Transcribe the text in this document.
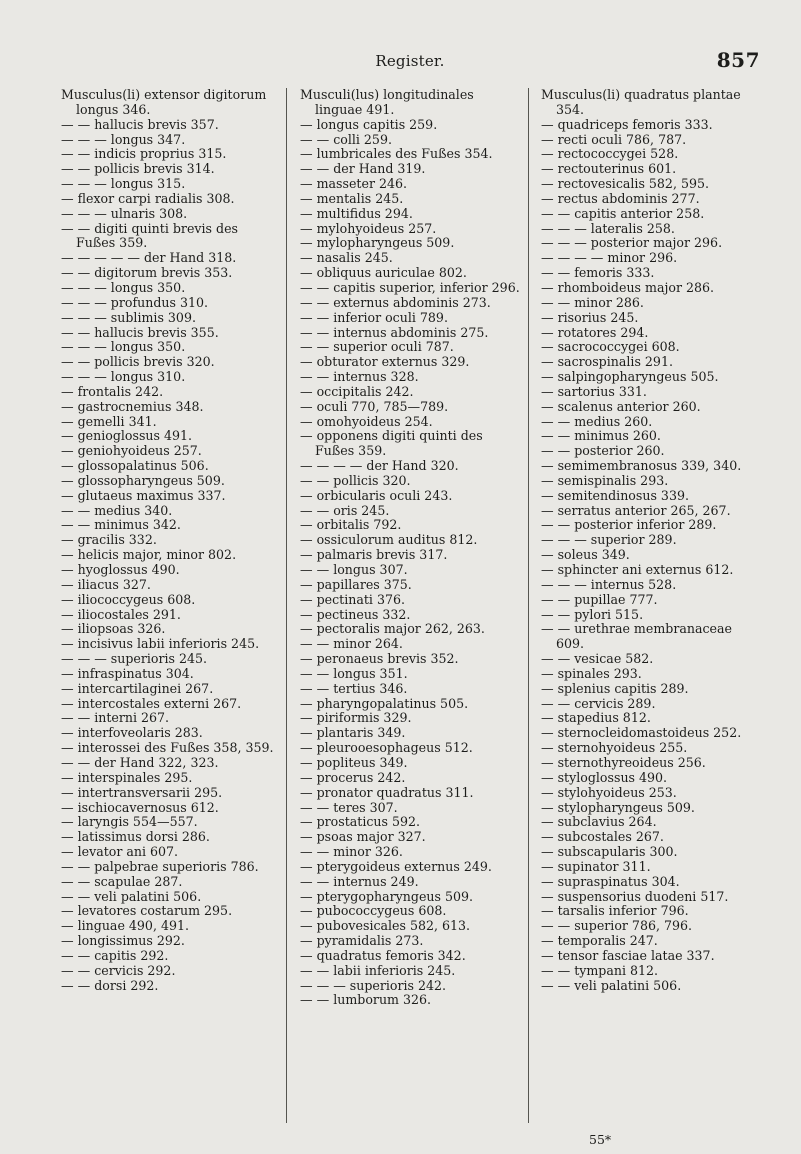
Register.	857
Musculus(li) extensor digitorum longus 346.
— — hallucis brevis 357.
— — — longus 347.
— — indicis proprius 315.
— — pollicis brevis 314.
— — — longus 315.
— flexor carpi radialis 308.
— — — ulnaris 308.
— — digiti quinti brevis des Fußes 359.
— — — — — der Hand 318.
— — digitorum brevis 353.
— — — longus 350.
— — — profundus 310.
— — — sublimis 309.
— — hallucis brevis 355.
— — — longus 350.
— — pollicis brevis 320.
— — — longus 310.
— frontalis 242.
— gastrocnemius 348.
— gemelli 341.
— genioglossus 491.
— geniohyoideus 257.
— glossopalatinus 506.
— glossopharyngeus 509.
— glutaeus maximus 337.
— — medius 340.
— — minimus 342.
— gracilis 332.
— helicis major, minor 802.
— hyoglossus 490.
— iliacus 327.
— iliococcygeus 608.
— iliocostales 291.
— iliopsoas 326.
— incisivus labii inferioris 245.
— — — superioris 245.
— infraspinatus 304.
— intercartilaginei 267.
— intercostales externi 267.
— — interni 267.
— interfoveolaris 283.
— interossei des Fußes 358, 359.
— — der Hand 322, 323.
— interspinales 295.
— intertransversarii 295.
— ischiocavernosus 612.
— laryngis 554—557.
— latissimus dorsi 286.
— levator ani 607.
— — palpebrae superioris 786.
— — scapulae 287.
— — veli palatini 506.
— levatores costarum 295.
— linguae 490, 491.
— longissimus 292.
— — capitis 292.
— — cervicis 292.
— — dorsi 292.
Musculi(lus) longitudinales linguae 491.
— longus capitis 259.
— — colli 259.
— lumbricales des Fußes 354.
— — der Hand 319.
— masseter 246.
— mentalis 245.
— multifidus 294.
— mylohyoideus 257.
— mylopharyngeus 509.
— nasalis 245.
— obliquus auriculae 802.
— — capitis superior, inferior 296.
— — externus abdominis 273.
— — inferior oculi 789.
— — internus abdominis 275.
— — superior oculi 787.
— obturator externus 329.
— — internus 328.
— occipitalis 242.
— oculi 770, 785—789.
— omohyoideus 254.
— opponens digiti quinti des Fußes 359.
— — — — der Hand 320.
— — pollicis 320.
— orbicularis oculi 243.
— — oris 245.
— orbitalis 792.
— ossiculorum auditus 812.
— palmaris brevis 317.
— — longus 307.
— papillares 375.
— pectinati 376.
— pectineus 332.
— pectoralis major 262, 263.
— — minor 264.
— peronaeus brevis 352.
— — longus 351.
— — tertius 346.
— pharyngopalatinus 505.
— piriformis 329.
— plantaris 349.
— pleurooesophageus 512.
— popliteus 349.
— procerus 242.
— pronator quadratus 311.
— — teres 307.
— prostaticus 592.
— psoas major 327.
— — minor 326.
— pterygoideus externus 249.
— — internus 249.
— pterygopharyngeus 509.
— pubococcygeus 608.
— pubovesicales 582, 613.
— pyramidalis 273.
— quadratus femoris 342.
— — labii inferioris 245.
— — — superioris 242.
— — lumborum 326.
Musculus(li) quadratus plantae 354.
— quadriceps femoris 333.
— recti oculi 786, 787.
— rectococcygei 528.
— rectouterinus 601.
— rectovesicalis 582, 595.
— rectus abdominis 277.
— — capitis anterior 258.
— — — lateralis 258.
— — — posterior major 296.
— — — — minor 296.
— — femoris 333.
— rhomboideus major 286.
— — minor 286.
— risorius 245.
— rotatores 294.
— sacrococcygei 608.
— sacrospinalis 291.
— salpingopharyngeus 505.
— sartorius 331.
— scalenus anterior 260.
— — medius 260.
— — minimus 260.
— — posterior 260.
— semimembranosus 339, 340.
— semispinalis 293.
— semitendinosus 339.
— serratus anterior 265, 267.
— — posterior inferior 289.
— — — superior 289.
— soleus 349.
— sphincter ani externus 612.
— — — internus 528.
— — pupillae 777.
— — pylori 515.
— — urethrae membranaceae 609.
— — vesicae 582.
— spinales 293.
— splenius capitis 289.
— — cervicis 289.
— stapedius 812.
— sternocleidomastoideus 252.
— sternohyoideus 255.
— sternothyreoideus 256.
— styloglossus 490.
— stylohyoideus 253.
— stylopharyngeus 509.
— subclavius 264.
— subcostales 267.
— subscapularis 300.
— supinator 311.
— supraspinatus 304.
— suspensorius duodeni 517.
— tarsalis inferior 796.
— — superior 786, 796.
— temporalis 247.
— tensor fasciae latae 337.
— — tympani 812.
— — veli palatini 506.
55*
